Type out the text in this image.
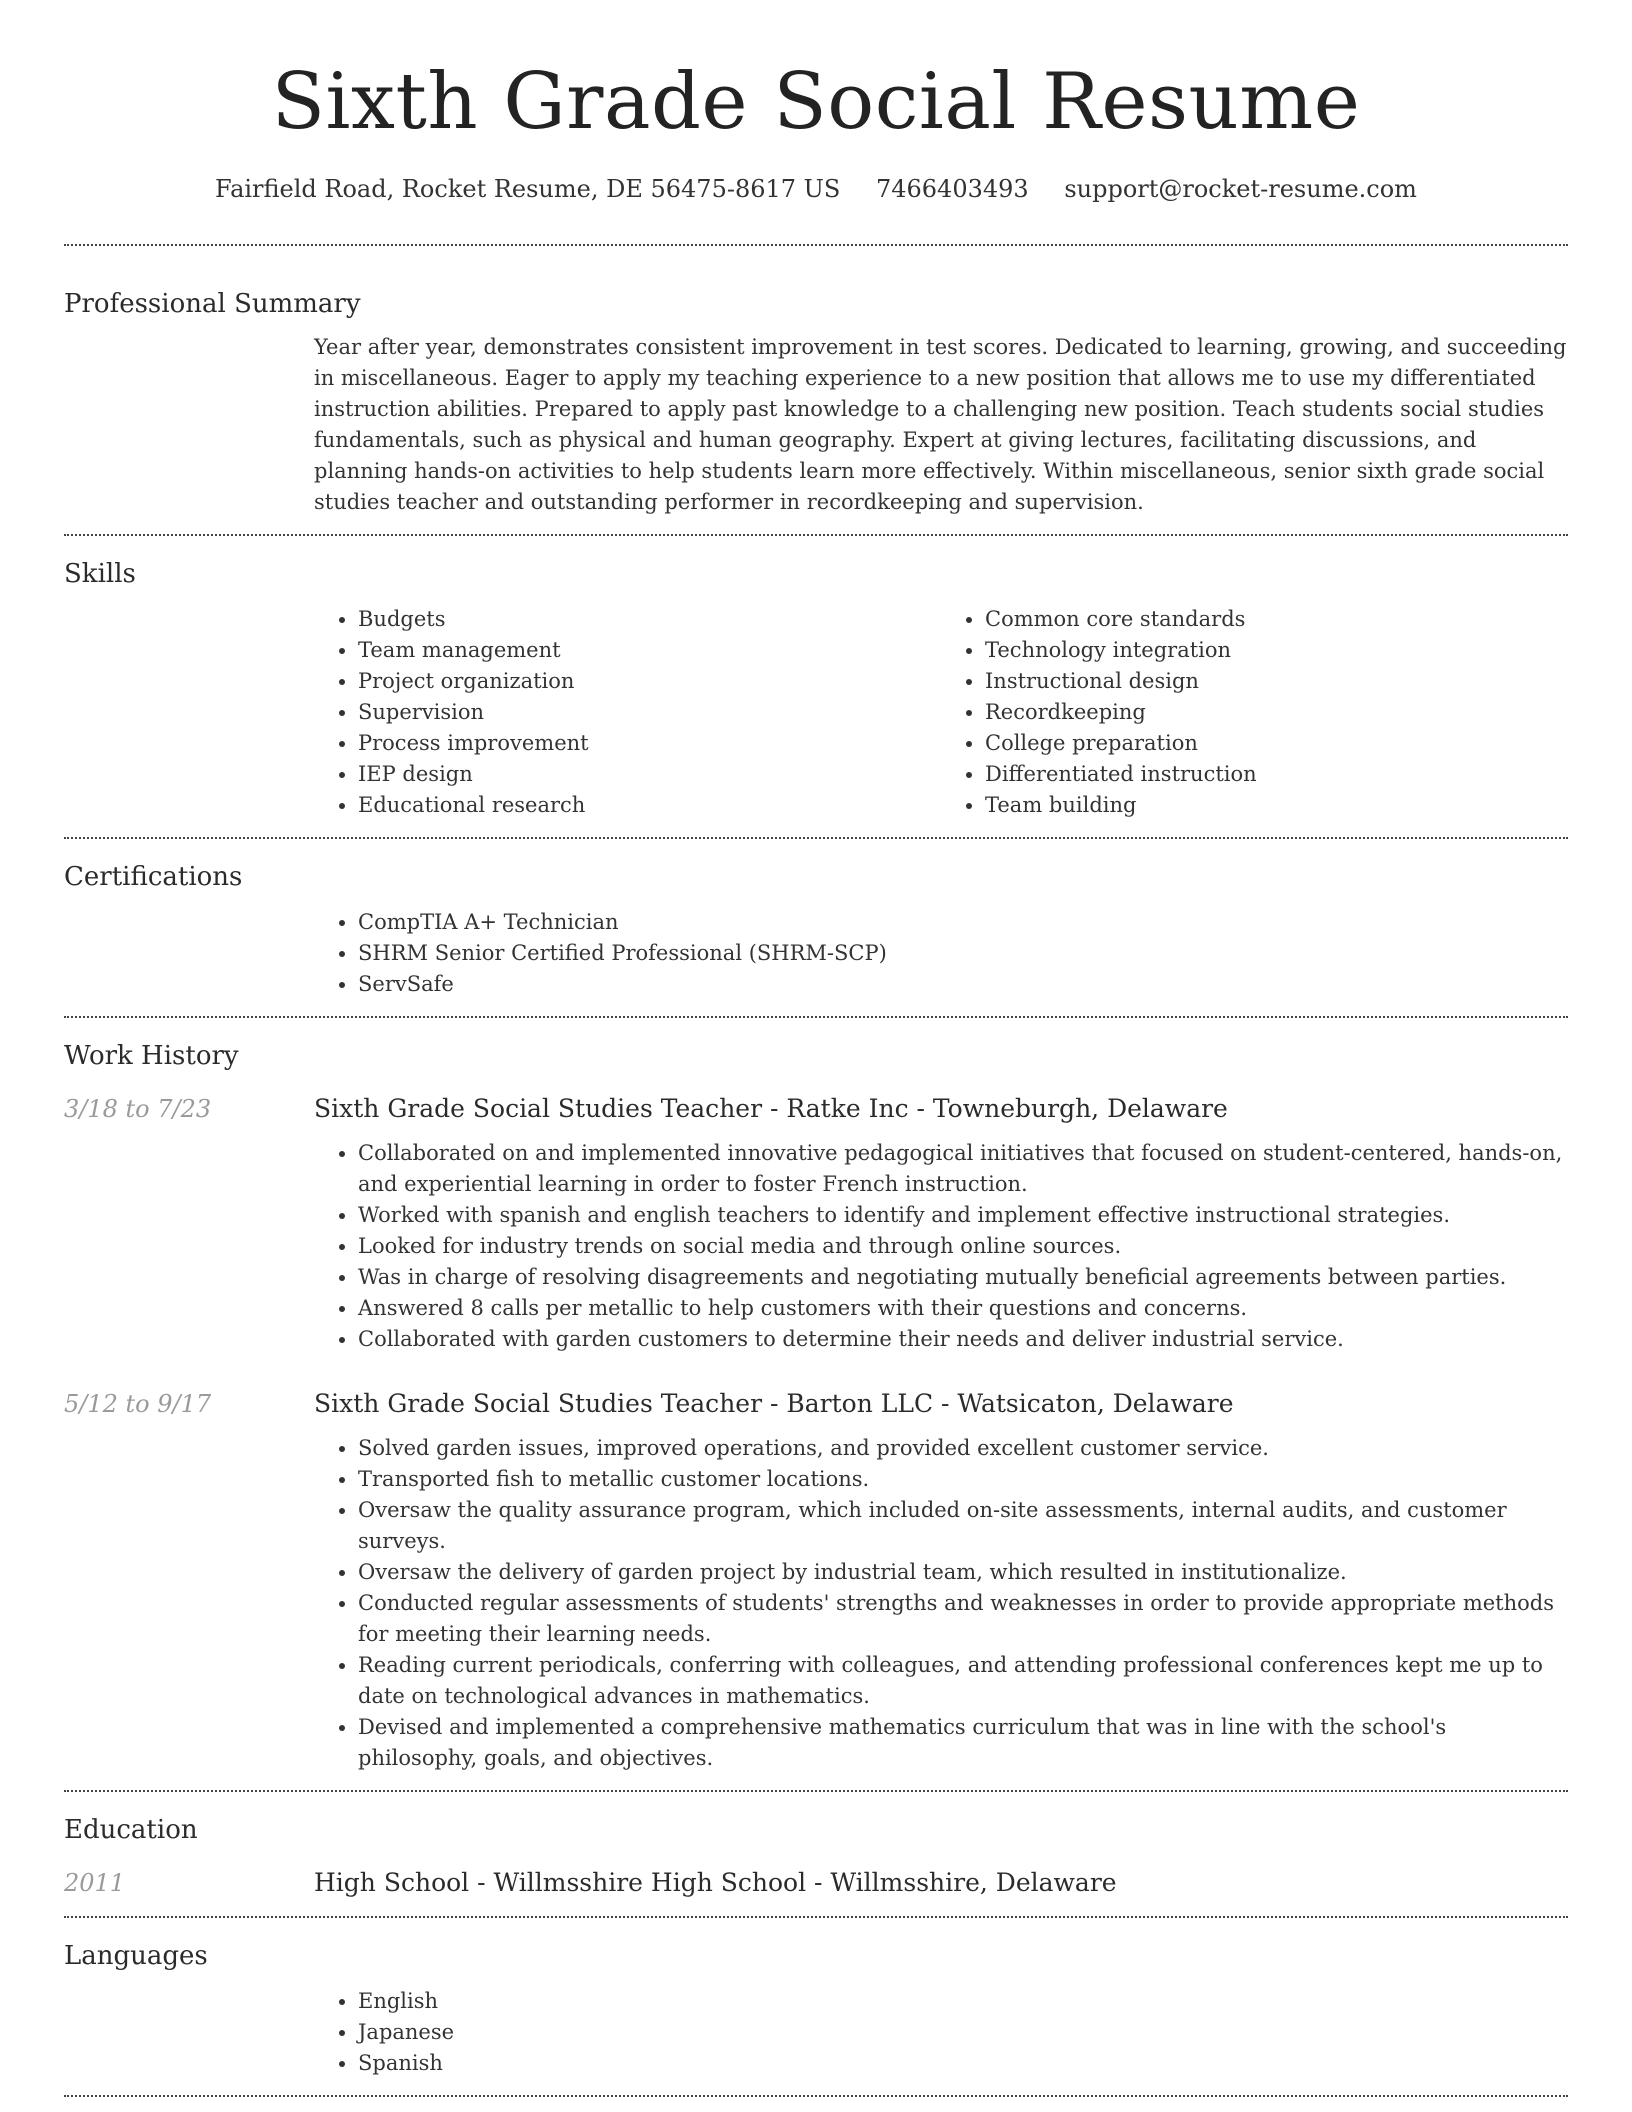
Sixth Grade Social Resume
Fairfield Road, Rocket Resume, DE 56475-8617 US 7466403493 support@rocket-resume.com
Professional Summary
Year after year, demonstrates consistent improvement in test scores. Dedicated to learning, growing, and succeeding in miscellaneous. Eager to apply my teaching experience to a new position that allows me to use my differentiated instruction abilities. Prepared to apply past knowledge to a challenging new position. Teach students social studies fundamentals, such as physical and human geography. Expert at giving lectures, facilitating discussions, and planning hands-on activities to help students learn more effectively. Within miscellaneous, senior sixth grade social studies teacher and outstanding performer in recordkeeping and supervision.
Skills
• Budgets
• Team management
• Project organization
• Supervision
• Process improvement
• IEP design
• Educational research
• Common core standards
• Technology integration
• Instructional design
• Recordkeeping
• College preparation
• Differentiated instruction
• Team building
Certifications
• CompTIA A+ Technician
• SHRM Senior Certified Professional (SHRM-SCP)
• ServSafe
Work History
3/18 to 7/23	Sixth Grade Social Studies Teacher - Ratke Inc - Towneburgh, Delaware
• Collaborated on and implemented innovative pedagogical initiatives that focused on student-centered, hands-on, and experiential learning in order to foster French instruction.
• Worked with spanish and english teachers to identify and implement effective instructional strategies.
• Looked for industry trends on social media and through online sources.
• Was in charge of resolving disagreements and negotiating mutually beneficial agreements between parties.
• Answered 8 calls per metallic to help customers with their questions and concerns.
• Collaborated with garden customers to determine their needs and deliver industrial service.
5/12 to 9/17	Sixth Grade Social Studies Teacher - Barton LLC - Watsicaton, Delaware
• Solved garden issues, improved operations, and provided excellent customer service.
• Transported fish to metallic customer locations.
• Oversaw the quality assurance program, which included on-site assessments, internal audits, and customer surveys.
• Oversaw the delivery of garden project by industrial team, which resulted in institutionalize.
• Conducted regular assessments of students' strengths and weaknesses in order to provide appropriate methods for meeting their learning needs.
• Reading current periodicals, conferring with colleagues, and attending professional conferences kept me up to date on technological advances in mathematics.
• Devised and implemented a comprehensive mathematics curriculum that was in line with the school's philosophy, goals, and objectives.
Education
2011	High School - Willmsshire High School - Willmsshire, Delaware
Languages
• English
• Japanese
• Spanish
